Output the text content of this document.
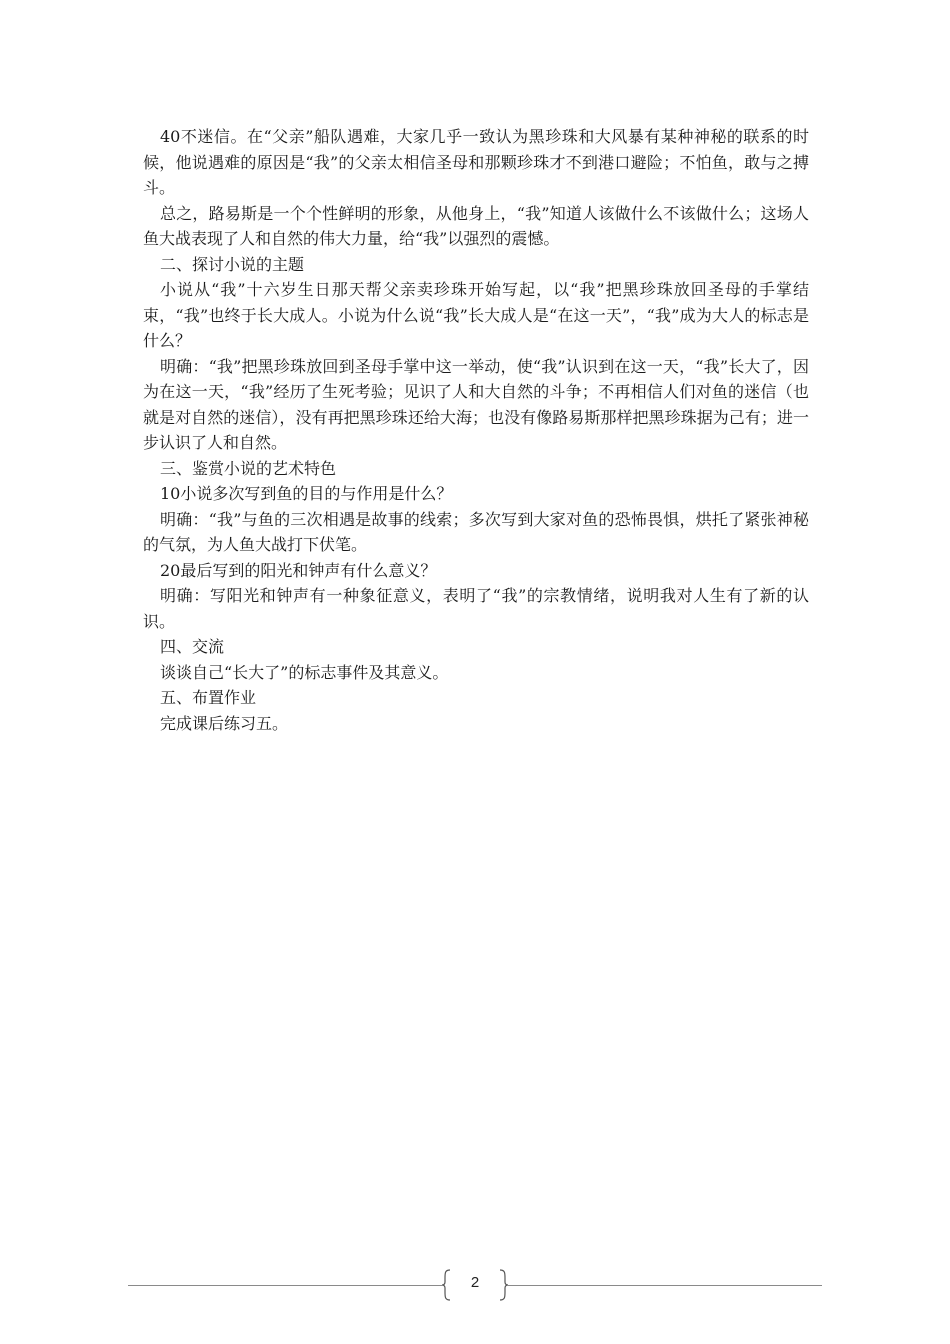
40不迷信。在“父亲”船队遇难，大家几乎一致认为黑珍珠和大风暴有某种神秘的联系的时候，他说遇难的原因是“我”的父亲太相信圣母和那颗珍珠才不到港口避险；不怕鱼，敢与之搏斗。

总之，路易斯是一个个性鲜明的形象，从他身上，“我”知道人该做什么不该做什么；这场人鱼大战表现了人和自然的伟大力量，给“我”以强烈的震憾。

二、探讨小说的主题

小说从“我”十六岁生日那天帮父亲卖珍珠开始写起，以“我”把黑珍珠放回圣母的手掌结束，“我”也终于长大成人。小说为什么说“我”长大成人是“在这一天”，“我”成为大人的标志是什么？

明确：“我”把黑珍珠放回到圣母手掌中这一举动，使“我”认识到在这一天，“我”长大了，因为在这一天，“我”经历了生死考验；见识了人和大自然的斗争；不再相信人们对鱼的迷信（也就是对自然的迷信），没有再把黑珍珠还给大海；也没有像路易斯那样把黑珍珠据为己有；进一步认识了人和自然。

三、鉴赏小说的艺术特色

10小说多次写到鱼的目的与作用是什么？

明确：“我”与鱼的三次相遇是故事的线索；多次写到大家对鱼的恐怖畏惧，烘托了紧张神秘的气氛，为人鱼大战打下伏笔。

20最后写到的阳光和钟声有什么意义？

明确：写阳光和钟声有一种象征意义，表明了“我”的宗教情绪，说明我对人生有了新的认识。

四、交流

谈谈自己“长大了”的标志事件及其意义。

五、布置作业

完成课后练习五。

2
